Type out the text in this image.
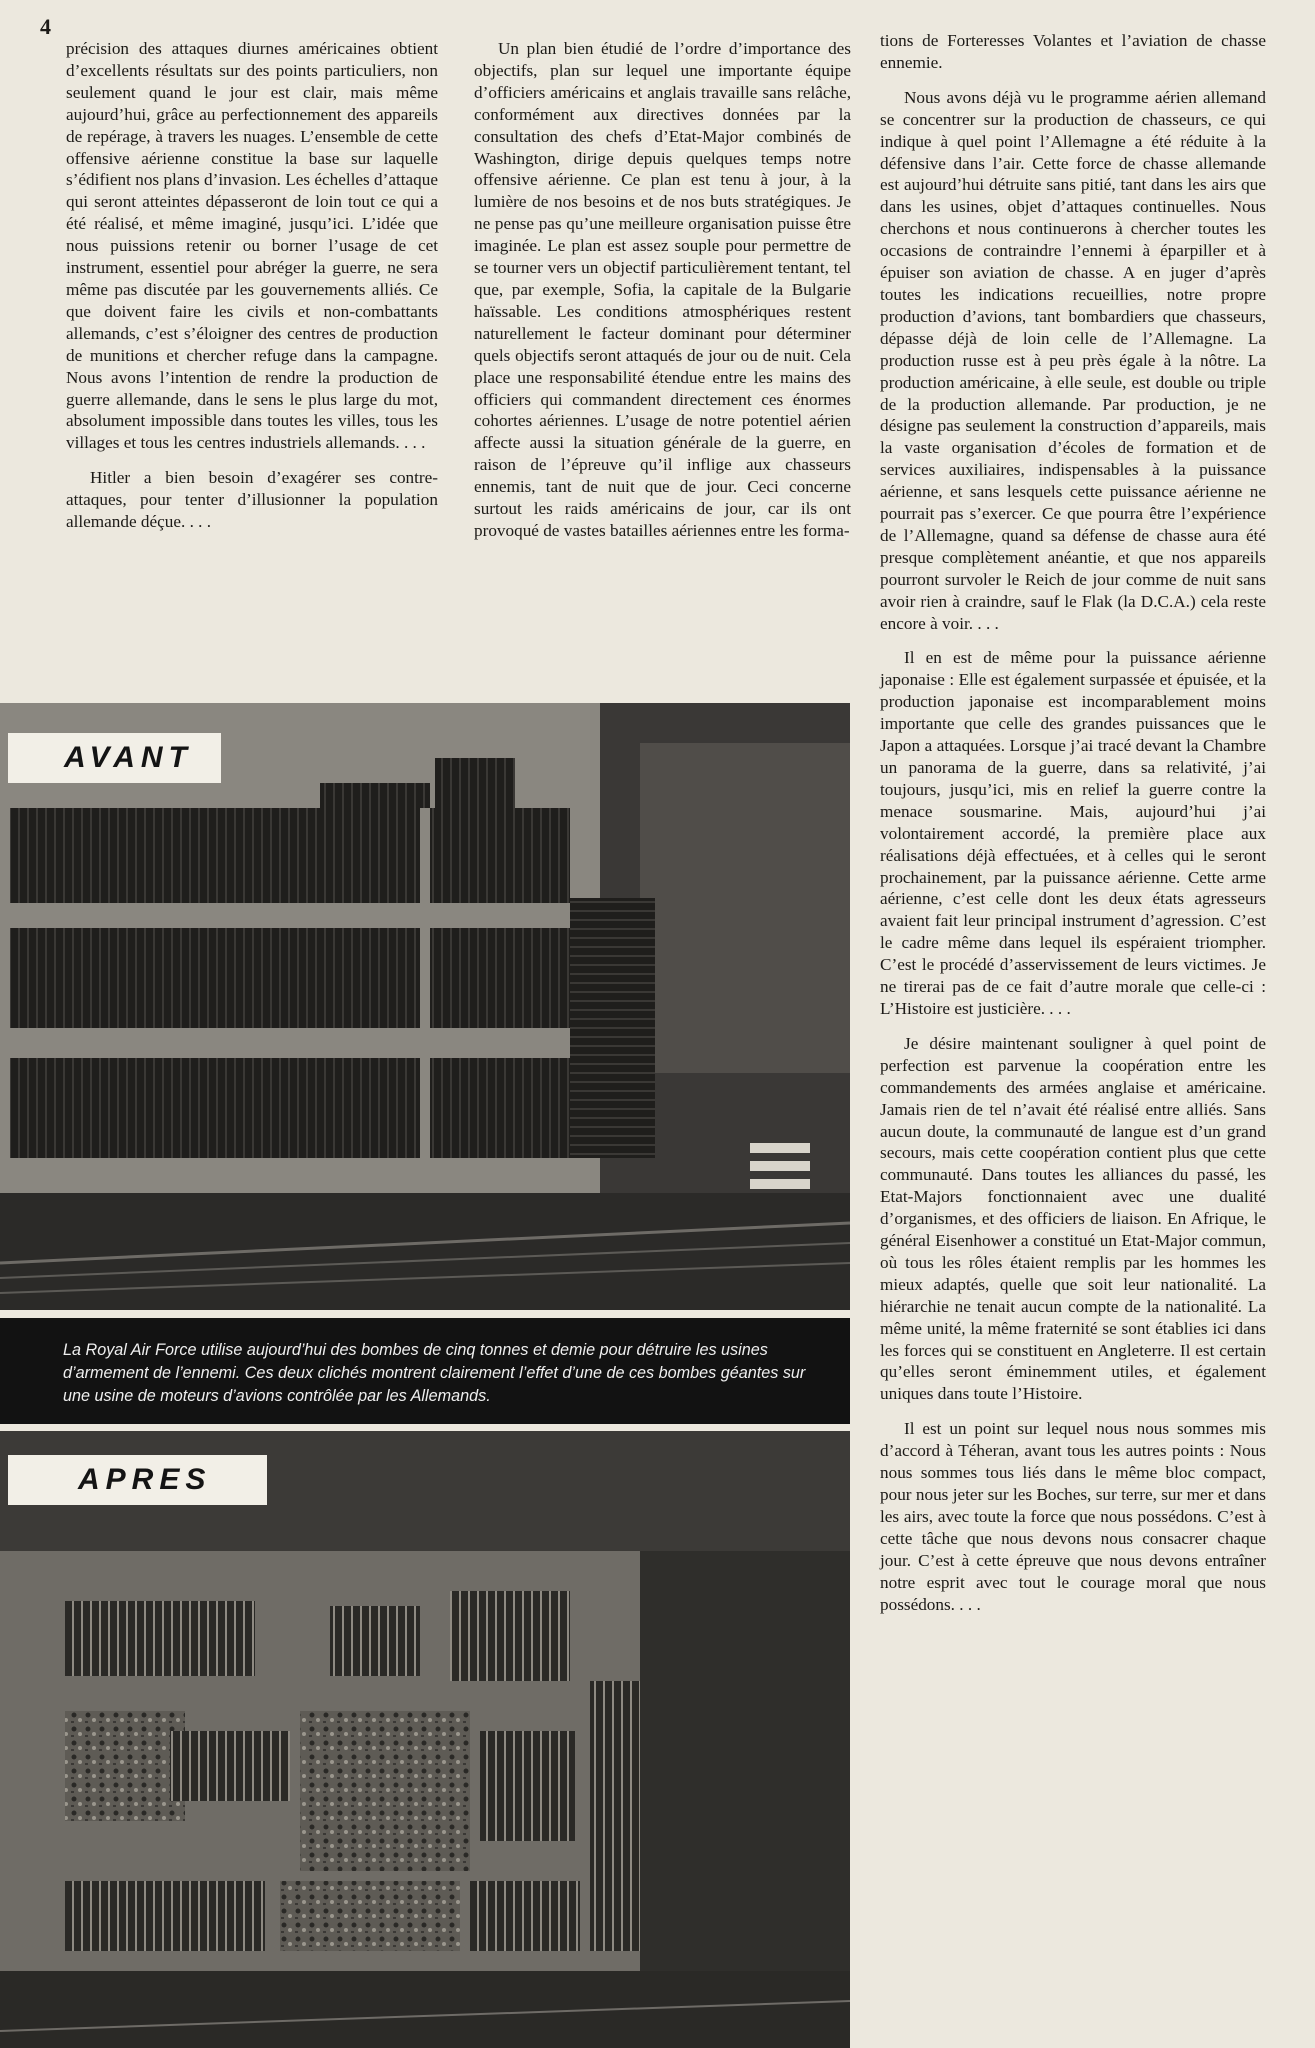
4

précision des attaques diurnes américaines obtient d’excellents résultats sur des points particuliers, non seulement quand le jour est clair, mais même aujourd’hui, grâce au perfectionnement des appareils de repérage, à travers les nuages. L’ensemble de cette offensive aérienne constitue la base sur laquelle s’édifient nos plans d’invasion. Les échelles d’attaque qui seront atteintes dépasseront de loin tout ce qui a été réalisé, et même imaginé, jusqu’ici. L’idée que nous puissions retenir ou borner l’usage de cet instrument, essentiel pour abréger la guerre, ne sera même pas discutée par les gouvernements alliés. Ce que doivent faire les civils et non-combattants allemands, c’est s’éloigner des centres de production de munitions et chercher refuge dans la campagne. Nous avons l’intention de rendre la production de guerre allemande, dans le sens le plus large du mot, absolument impossible dans toutes les villes, tous les villages et tous les centres industriels allemands. . . .

Hitler a bien besoin d’exagérer ses contre-attaques, pour tenter d’illusionner la population allemande déçue. . . .

Un plan bien étudié de l’ordre d’importance des objectifs, plan sur lequel une importante équipe d’officiers américains et anglais travaille sans relâche, conformément aux directives données par la consultation des chefs d’Etat-Major combinés de Washington, dirige depuis quelques temps notre offensive aérienne. Ce plan est tenu à jour, à la lumière de nos besoins et de nos buts stratégiques. Je ne pense pas qu’une meilleure organisation puisse être imaginée. Le plan est assez souple pour permettre de se tourner vers un objectif particulièrement tentant, tel que, par exemple, Sofia, la capitale de la Bulgarie haïssable. Les conditions atmosphériques restent naturellement le facteur dominant pour déterminer quels objectifs seront attaqués de jour ou de nuit. Cela place une responsabilité étendue entre les mains des officiers qui commandent directement ces énormes cohortes aériennes. L’usage de notre potentiel aérien affecte aussi la situation générale de la guerre, en raison de l’épreuve qu’il inflige aux chasseurs ennemis, tant de nuit que de jour. Ceci concerne surtout les raids américains de jour, car ils ont provoqué de vastes batailles aériennes entre les forma-

tions de Forteresses Volantes et l’aviation de chasse ennemie.

Nous avons déjà vu le programme aérien allemand se concentrer sur la production de chasseurs, ce qui indique à quel point l’Allemagne a été réduite à la défensive dans l’air. Cette force de chasse allemande est aujourd’hui détruite sans pitié, tant dans les airs que dans les usines, objet d’attaques continuelles. Nous cherchons et nous continuerons à chercher toutes les occasions de contraindre l’ennemi à éparpiller et à épuiser son aviation de chasse. A en juger d’après toutes les indications recueillies, notre propre production d’avions, tant bombardiers que chasseurs, dépasse déjà de loin celle de l’Allemagne. La production russe est à peu près égale à la nôtre. La production américaine, à elle seule, est double ou triple de la production allemande. Par production, je ne désigne pas seulement la construction d’appareils, mais la vaste organisation d’écoles de formation et de services auxiliaires, indispensables à la puissance aérienne, et sans lesquels cette puissance aérienne ne pourrait pas s’exercer. Ce que pourra être l’expérience de l’Allemagne, quand sa défense de chasse aura été presque complètement anéantie, et que nos appareils pourront survoler le Reich de jour comme de nuit sans avoir rien à craindre, sauf le Flak (la D.C.A.) cela reste encore à voir. . . .

Il en est de même pour la puissance aérienne japonaise : Elle est également surpassée et épuisée, et la production japonaise est incomparablement moins importante que celle des grandes puissances que le Japon a attaquées. Lorsque j’ai tracé devant la Chambre un panorama de la guerre, dans sa relativité, j’ai toujours, jusqu’ici, mis en relief la guerre contre la menace sousmarine. Mais, aujourd’hui j’ai volontairement accordé, la première place aux réalisations déjà effectuées, et à celles qui le seront prochainement, par la puissance aérienne. Cette arme aérienne, c’est celle dont les deux états agresseurs avaient fait leur principal instrument d’agression. C’est le cadre même dans lequel ils espéraient triompher. C’est le procédé d’asservissement de leurs victimes. Je ne tirerai pas de ce fait d’autre morale que celle-ci : L’Histoire est justicière. . . .

Je désire maintenant souligner à quel point de perfection est parvenue la coopération entre les commandements des armées anglaise et américaine. Jamais rien de tel n’avait été réalisé entre alliés. Sans aucun doute, la communauté de langue est d’un grand secours, mais cette coopération contient plus que cette communauté. Dans toutes les alliances du passé, les Etat-Majors fonctionnaient avec une dualité d’organismes, et des officiers de liaison. En Afrique, le général Eisenhower a constitué un Etat-Major commun, où tous les rôles étaient remplis par les hommes les mieux adaptés, quelle que soit leur nationalité. La hiérarchie ne tenait aucun compte de la nationalité. La même unité, la même fraternité se sont établies ici dans les forces qui se constituent en Angleterre. Il est certain qu’elles seront éminemment utiles, et également uniques dans toute l’Histoire.

Il est un point sur lequel nous nous sommes mis d’accord à Téheran, avant tous les autres points : Nous nous sommes tous liés dans le même bloc compact, pour nous jeter sur les Boches, sur terre, sur mer et dans les airs, avec toute la force que nous possédons. C’est à cette tâche que nous devons nous consacrer chaque jour. C’est à cette épreuve que nous devons entraîner notre esprit avec tout le courage moral que nous possédons. . . .

AVANT
La Royal Air Force utilise aujourd’hui des bombes de cinq tonnes et demie pour détruire les usines d’armement de l’ennemi. Ces deux clichés montrent clairement l’effet d’une de ces bombes géantes sur une usine de moteurs d’avions contrôlée par les Allemands.
APRES
